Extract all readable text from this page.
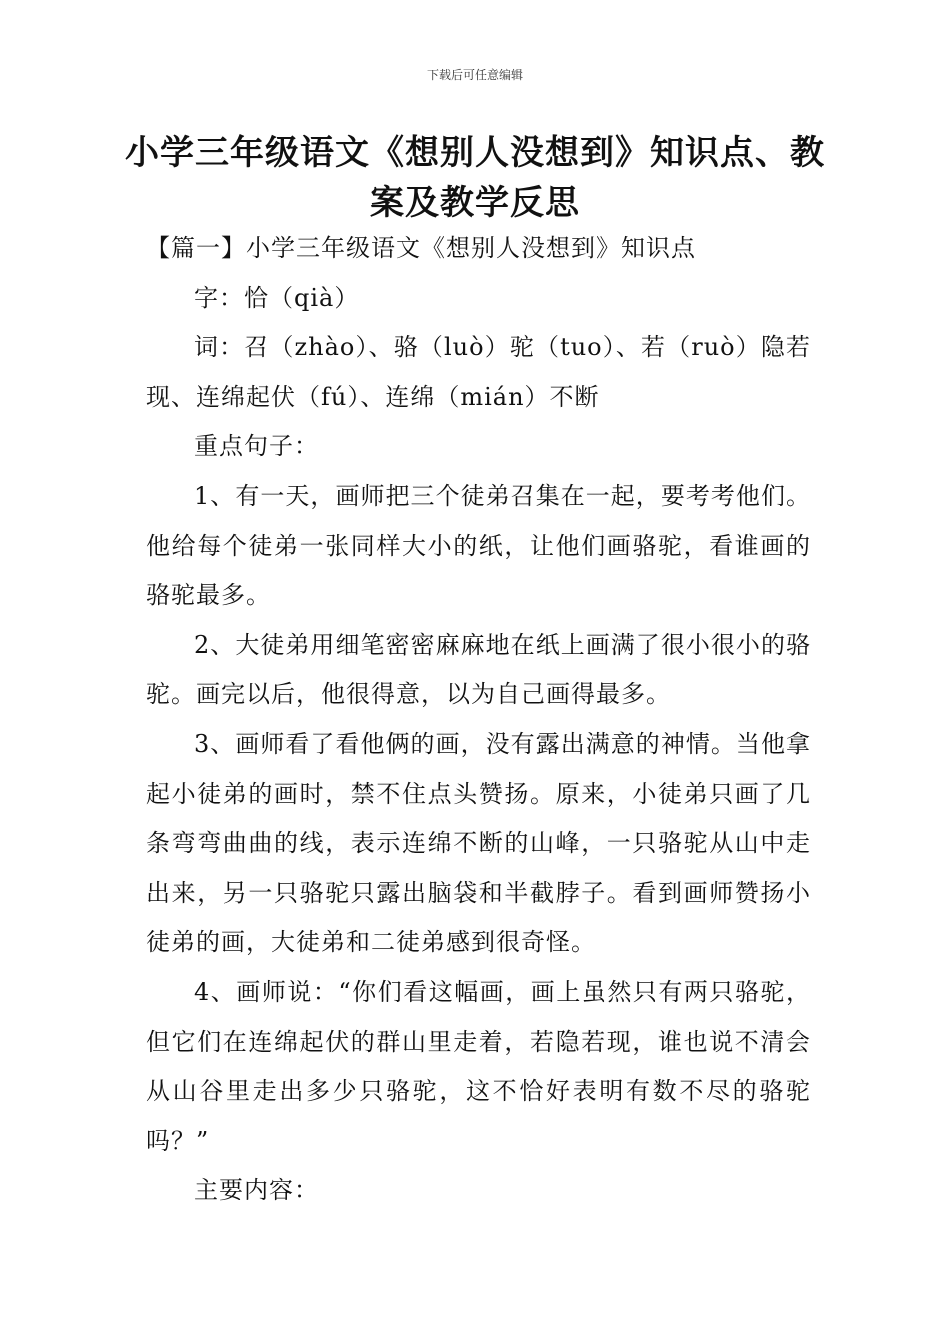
下载后可任意编辑
小学三年级语文《想别人没想到》知识点、教案及教学反思

【篇一】小学三年级语文《想别人没想到》知识点

字：恰（qià）

词：召（zhào）、骆（luò）驼（tuo）、若（ruò）隐若现、连绵起伏（fú）、连绵（mián）不断

重点句子：

1、有一天，画师把三个徒弟召集在一起，要考考他们。他给每个徒弟一张同样大小的纸，让他们画骆驼，看谁画的骆驼最多。

2、大徒弟用细笔密密麻麻地在纸上画满了很小很小的骆驼。画完以后，他很得意，以为自己画得最多。

3、画师看了看他俩的画，没有露出满意的神情。当他拿起小徒弟的画时，禁不住点头赞扬。原来，小徒弟只画了几条弯弯曲曲的线，表示连绵不断的山峰，一只骆驼从山中走出来，另一只骆驼只露出脑袋和半截脖子。看到画师赞扬小徒弟的画，大徒弟和二徒弟感到很奇怪。

4、画师说：“你们看这幅画，画上虽然只有两只骆驼，但它们在连绵起伏的群山里走着，若隐若现，谁也说不清会从山谷里走出多少只骆驼，这不恰好表明有数不尽的骆驼吗？”

主要内容：
